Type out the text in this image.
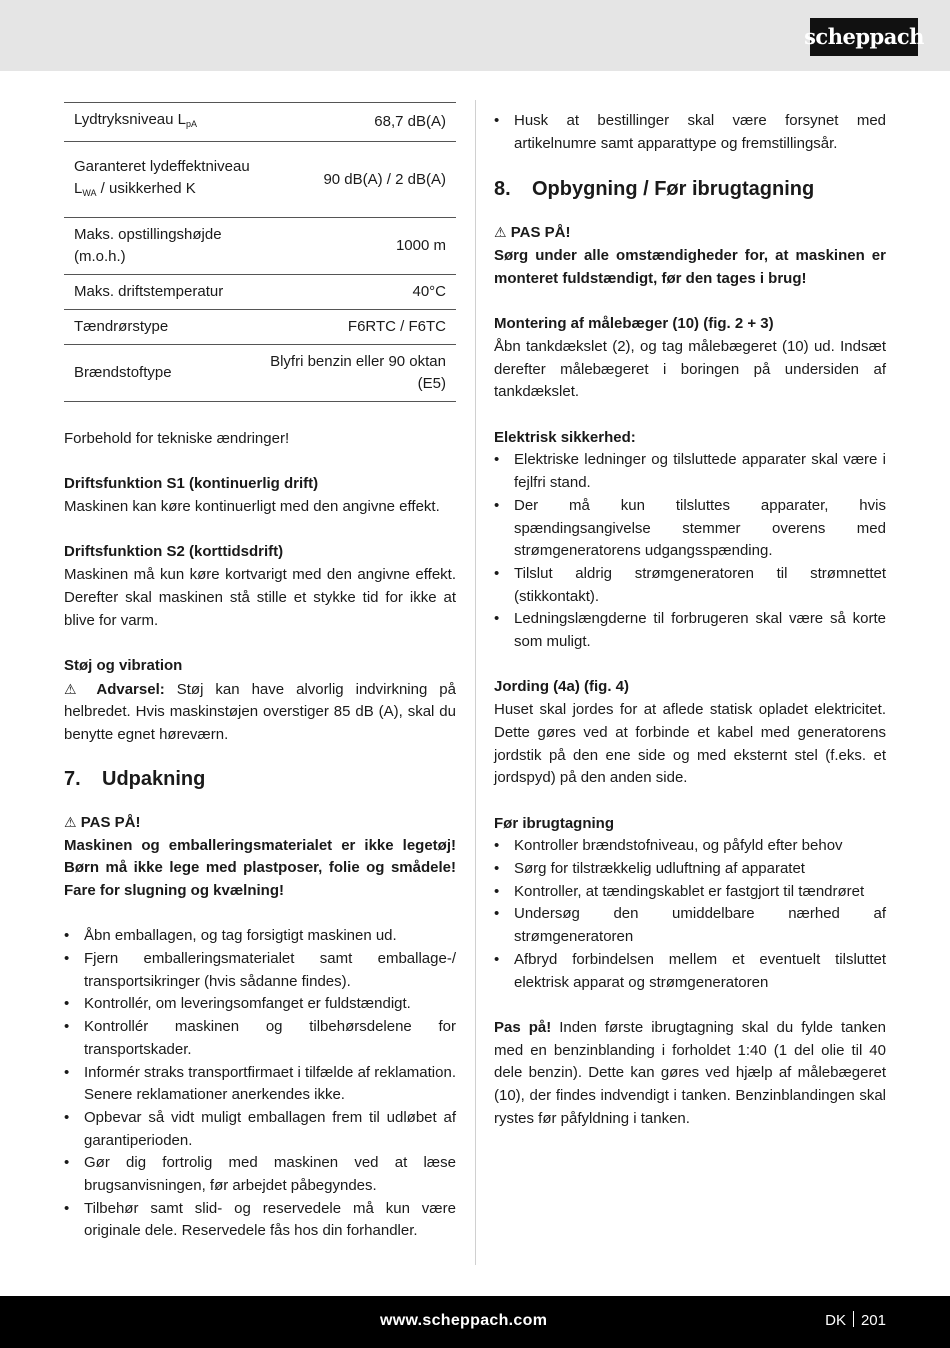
scheppach
Lydtryksniveau $L_{pA}$	68,7 dB(A)
Garanteret lydeffektniveau $L_{WA}$ / usikkerhed K	90 dB(A) / 2 dB(A)
Maks. opstillingshøjde (m.o.h.)	1000 m
Maks. driftstemperatur	40°C
Tændrørstype	F6RTC / F6TC
Brændstoftype	Blyfri benzin eller 90 oktan (E5)

Forbehold for tekniske ændringer!

Driftsfunktion S1 (kontinuerlig drift)

Maskinen kan køre kontinuerligt med den angivne effekt.

Driftsfunktion S2 (korttidsdrift)

Maskinen må kun køre kortvarigt med den angivne effekt. Derefter skal maskinen stå stille et stykke tid for ikke at blive for varm.

Støj og vibration

⚠ Advarsel: Støj kan have alvorlig indvirkning på helbredet. Hvis maskinstøjen overstiger 85 dB (A), skal du benytte egnet høreværn.

7.	Udpakning

⚠ PAS PÅ!

Maskinen og emballeringsmaterialet er ikke legetøj! Børn må ikke lege med plastposer, folie og smådele! Fare for slugning og kvælning!

• Åbn emballagen, og tag forsigtigt maskinen ud.
• Fjern emballeringsmaterialet samt emballage-/ transportsikringer (hvis sådanne findes).
• Kontrollér, om leveringsomfanget er fuldstændigt.
• Kontrollér maskinen og tilbehørsdelene for transportskader.
• Informér straks transportfirmaet i tilfælde af reklamation. Senere reklamationer anerkendes ikke.
• Opbevar så vidt muligt emballagen frem til udløbet af garantiperioden.
• Gør dig fortrolig med maskinen ved at læse brugsanvisningen, før arbejdet påbegyndes.
• Tilbehør samt slid- og reservedele må kun være originale dele. Reservedele fås hos din forhandler.
• Husk at bestillinger skal være forsynet med artikelnumre samt apparattype og fremstillingsår.
8.	Opbygning / Før ibrugtagning

⚠ PAS PÅ!

Sørg under alle omstændigheder for, at maskinen er monteret fuldstændigt, før den tages i brug!

Montering af målebæger (10) (fig. 2 + 3)

Åbn tankdækslet (2), og tag målebægeret (10) ud. Indsæt derefter målebægeret i boringen på undersiden af tankdækslet.

Elektrisk sikkerhed:

• Elektriske ledninger og tilsluttede apparater skal være i fejlfri stand.
• Der må kun tilsluttes apparater, hvis spændingsangivelse stemmer overens med strømgeneratorens udgangsspænding.
• Tilslut aldrig strømgeneratoren til strømnettet (stikkontakt).
• Ledningslængderne til forbrugeren skal være så korte som muligt.

Jording (4a) (fig. 4)

Huset skal jordes for at aflede statisk opladet elektricitet. Dette gøres ved at forbinde et kabel med generatorens jordstik på den ene side og med eksternt stel (f.eks. et jordspyd) på den anden side.

Før ibrugtagning

• Kontroller brændstofniveau, og påfyld efter behov
• Sørg for tilstrækkelig udluftning af apparatet
• Kontroller, at tændingskablet er fastgjort til tændrøret
• Undersøg den umiddelbare nærhed af strømgeneratoren
• Afbryd forbindelsen mellem et eventuelt tilsluttet elektrisk apparat og strømgeneratoren

Pas på! Inden første ibrugtagning skal du fylde tanken med en benzinblanding i forholdet 1:40 (1 del olie til 40 dele benzin). Dette kan gøres ved hjælp af målebægeret (10), der findes indvendigt i tanken. Benzinblandingen skal rystes før påfyldning i tanken.

www.scheppach.com	DK 201
